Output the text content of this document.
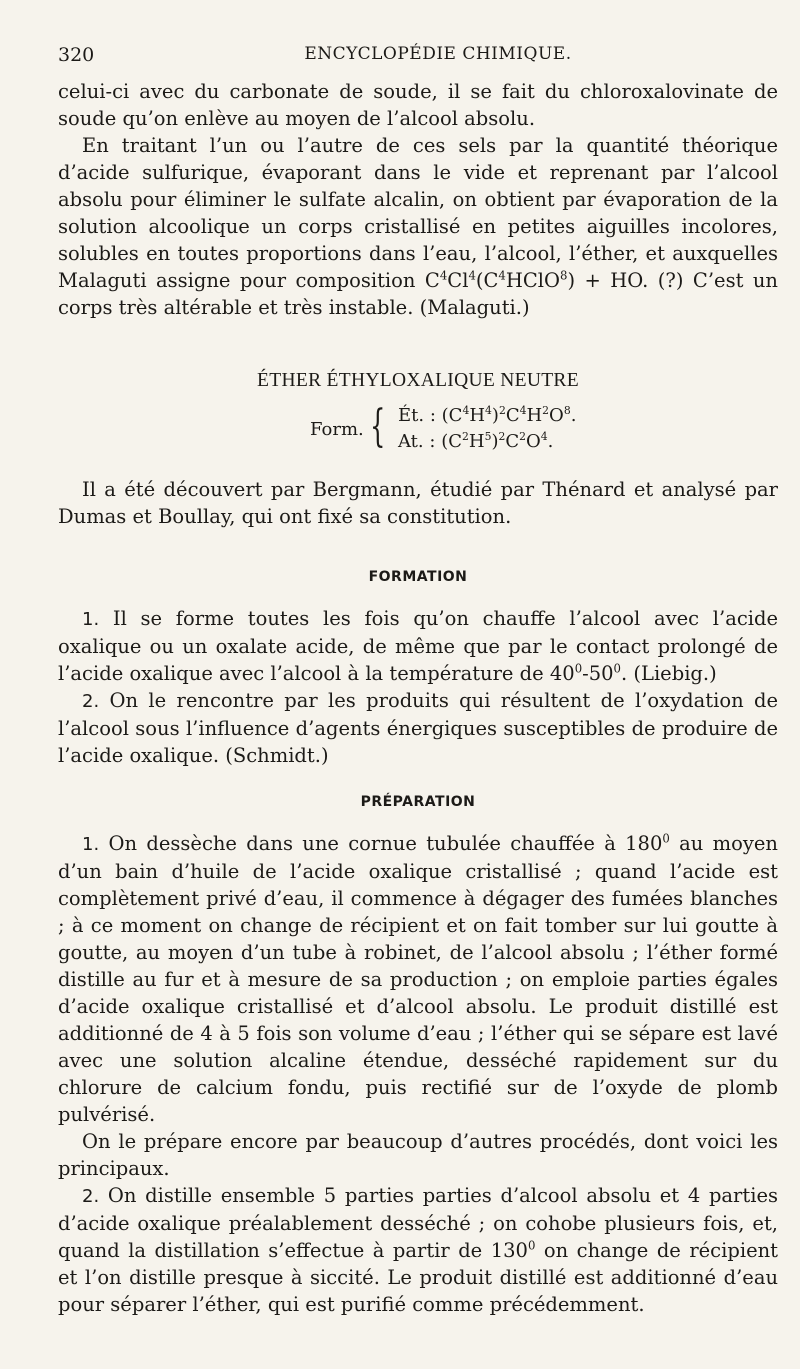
320	ENCYCLOPÉDIE CHIMIQUE.

celui-ci avec du carbonate de soude, il se fait du chloroxalovinate de soude qu’on enlève au moyen de l’alcool absolu.

En traitant l’un ou l’autre de ces sels par la quantité théorique d’acide sulfurique, évaporant dans le vide et reprenant par l’alcool absolu pour éliminer le sulfate alcalin, on obtient par évaporation de la solution alcoolique un corps cristallisé en petites aiguilles incolores, solubles en toutes proportions dans l’eau, l’alcool, l’éther, et auxquelles Malaguti assigne pour composition $C^4Cl^4(C^4HClO^8)$ + HO. (?) C’est un corps très altérable et très instable. (Malaguti.)

ÉTHER ÉTHYLOXALIQUE NEUTRE

Form. { Ét. : $(C^4H^4)^2C^4H^2O^8$.
At. : $(C^2H^5)^2C^2O^4$.

Il a été découvert par Bergmann, étudié par Thénard et analysé par Dumas et Boullay, qui ont fixé sa constitution.

FORMATION

1. Il se forme toutes les fois qu’on chauffe l’alcool avec l’acide oxalique ou un oxalate acide, de même que par le contact prolongé de l’acide oxalique avec l’alcool à la température de $40^0-50^0$. (Liebig.)

2. On le rencontre par les produits qui résultent de l’oxydation de l’alcool sous l’influence d’agents énergiques susceptibles de produire de l’acide oxalique. (Schmidt.)

PRÉPARATION

1. On dessèche dans une cornue tubulée chauffée à $180^0$ au moyen d’un bain d’huile de l’acide oxalique cristallisé ; quand l’acide est complètement privé d’eau, il commence à dégager des fumées blanches ; à ce moment on change de récipient et on fait tomber sur lui goutte à goutte, au moyen d’un tube à robinet, de l’alcool absolu ; l’éther formé distille au fur et à mesure de sa production ; on emploie parties égales d’acide oxalique cristallisé et d’alcool absolu. Le produit distillé est additionné de 4 à 5 fois son volume d’eau ; l’éther qui se sépare est lavé avec une solution alcaline étendue, desséché rapidement sur du chlorure de calcium fondu, puis rectifié sur de l’oxyde de plomb pulvérisé.

On le prépare encore par beaucoup d’autres procédés, dont voici les principaux.

2. On distille ensemble 5 parties parties d’alcool absolu et 4 parties d’acide oxalique préalablement desséché ; on cohobe plusieurs fois, et, quand la distillation s’effectue à partir de $130^0$ on change de récipient et l’on distille presque à siccité. Le produit distillé est additionné d’eau pour séparer l’éther, qui est purifié comme précédemment.
